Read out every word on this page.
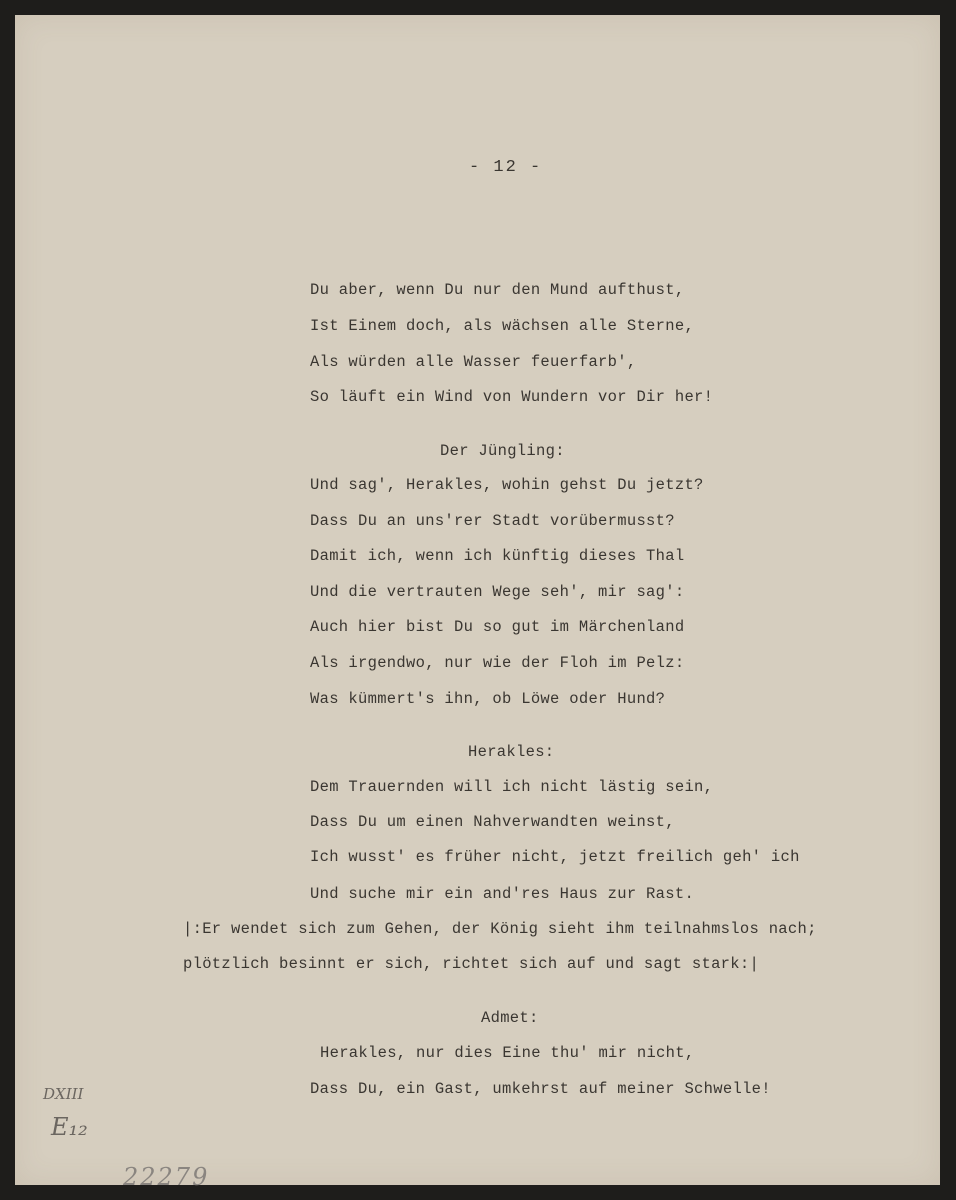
- 12 -
Du aber, wenn Du nur den Mund aufthust,
Ist Einem doch, als wächsen alle Sterne,
Als würden alle Wasser feuerfarb',
So läuft ein Wind von Wundern vor Dir her!
Der Jüngling:
Und sag', Herakles, wohin gehst Du jetzt?
Dass Du an uns'rer Stadt vorübermusst?
Damit ich, wenn ich künftig dieses Thal
Und die vertrauten Wege seh', mir sag':
Auch hier bist Du so gut im Märchenland
Als irgendwo, nur wie der Floh im Pelz:
Was kümmert's ihn, ob Löwe oder Hund?
Herakles:
Dem Trauernden will ich nicht lästig sein,
Dass Du um einen Nahverwandten weinst,
Ich wusst' es früher nicht, jetzt freilich geh' ich
Und suche mir ein and'res Haus zur Rast.
|:Er wendet sich zum Gehen, der König sieht ihm teilnahmslos nach;
plötzlich besinnt er sich, richtet sich auf und sagt stark:|
Admet:
Herakles, nur dies Eine thu' mir nicht,
Dass Du, ein Gast, umkehrst auf meiner Schwelle!
DXIII
E₁₂
22279
